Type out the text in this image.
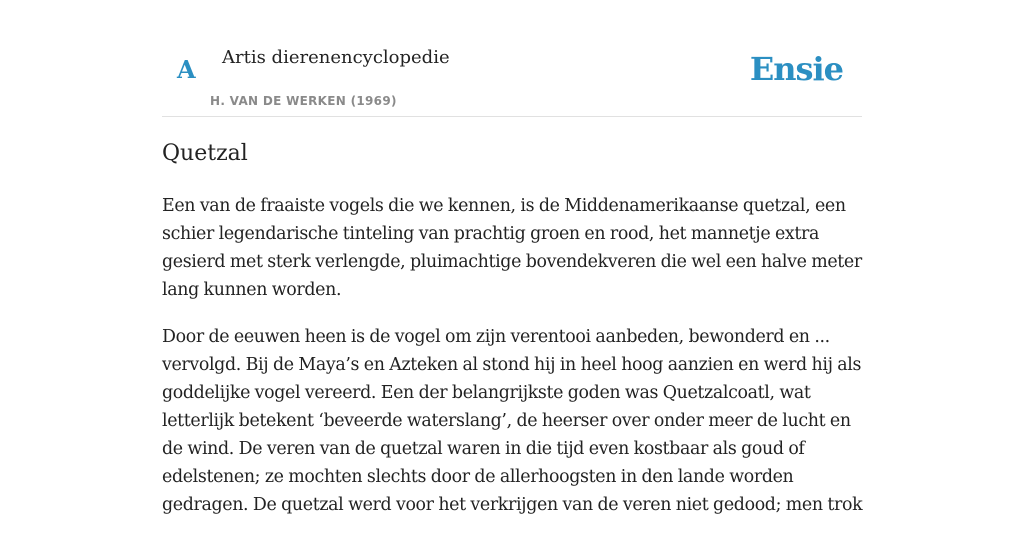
A Artis dierenencyclopedie
H. VAN DE WERKEN (1969)
Ensie
Quetzal

Een van de fraaiste vogels die we kennen, is de Middenamerikaanse quetzal, een schier legendarische tinteling van prachtig groen en rood, het mannetje extra gesierd met sterk verlengde, pluimachtige bovendekveren die wel een halve meter lang kunnen worden.

Door de eeuwen heen is de vogel om zijn verentooi aanbeden, bewonderd en ... vervolgd. Bij de Maya’s en Azteken al stond hij in heel hoog aanzien en werd hij als goddelijke vogel vereerd. Een der belangrijkste goden was Quetzalcoatl, wat letterlijk betekent ‘beveerde waterslang’, de heerser over onder meer de lucht en de wind. De veren van de quetzal waren in die tijd even kostbaar als goud of edelstenen; ze mochten slechts door de allerhoogsten in den lande worden gedragen. De quetzal werd voor het verkrijgen van de veren niet gedood; men trok
